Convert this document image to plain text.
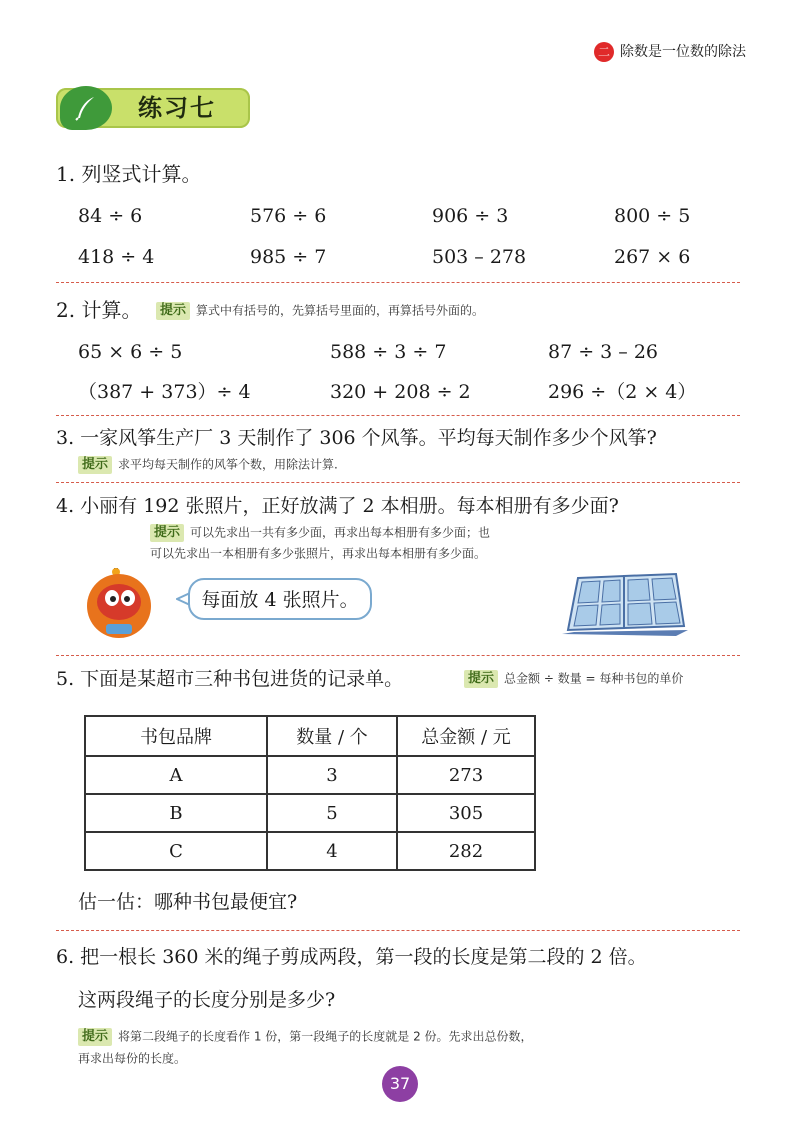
二 除数是一位数的除法
练习七
1. 列竖式计算。
84 ÷ 6	576 ÷ 6	906 ÷ 3	800 ÷ 5
418 ÷ 4	985 ÷ 7	503 – 278	267 × 6
2. 计算。	提示 算式中有括号的，先算括号里面的，再算括号外面的。
65 × 6 ÷ 5	588 ÷ 3 ÷ 7	87 ÷ 3 – 26
（387 + 373）÷ 4	320 + 208 ÷ 2	296 ÷（2 × 4）
3. 一家风筝生产厂 3 天制作了 306 个风筝。平均每天制作多少个风筝?
提示 求平均每天制作的风筝个数，用除法计算.
4. 小丽有 192 张照片，正好放满了 2 本相册。每本相册有多少面?
提示 可以先求出一共有多少面，再求出每本相册有多少面；也
可以先求出一本相册有多少张照片，再求出每本相册有多少面。
每面放 4 张照片。
5. 下面是某超市三种书包进货的记录单。	提示 总金额 ÷ 数量 = 每种书包的单价
书包品牌	数量 / 个	总金额 / 元
A	3	273
B	5	305
C	4	282
估一估：哪种书包最便宜?
6. 把一根长 360 米的绳子剪成两段，第一段的长度是第二段的 2 倍。
这两段绳子的长度分别是多少?
提示 将第二段绳子的长度看作 1 份，第一段绳子的长度就是 2 份。先求出总份数，
再求出每份的长度。
37
